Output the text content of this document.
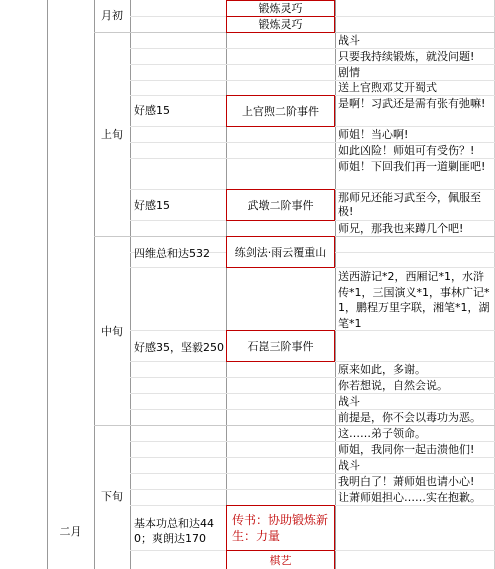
月初
上旬
中旬
下旬
二月
好感15
好感15
四维总和达532
好感35，坚毅250
基本功总和达440；爽朗达170
锻炼灵巧
锻炼灵巧
上官煦二阶事件
武墩二阶事件
练剑法·雨云覆重山
石崑三阶事件
传书：协助锻炼新生：力量
棋艺
战斗
只要我持续锻炼，就没问题!
剧情
送上官煦邓艾开蜀式
是啊！习武还是需有张有弛嘛!
师姐！当心啊!
如此凶险！师姐可有受伤？!
师姐！下回我们再一道剿匪吧!
那师兄还能习武至今，佩服至极!
师兄，那我也来蹲几个吧!
送西游记*2，西厢记*1，水浒传*1，三国演义*1，事林广记*1，鹏程万里字联，湘笔*1，湖笔*1
原来如此，多谢。
你若想说，自然会说。
战斗
前提是，你不会以毒功为恶。
这……弟子领命。
师姐，我同你一起击溃他们!
战斗
我明白了！萧师姐也请小心!
让萧师姐担心……实在抱歉。
